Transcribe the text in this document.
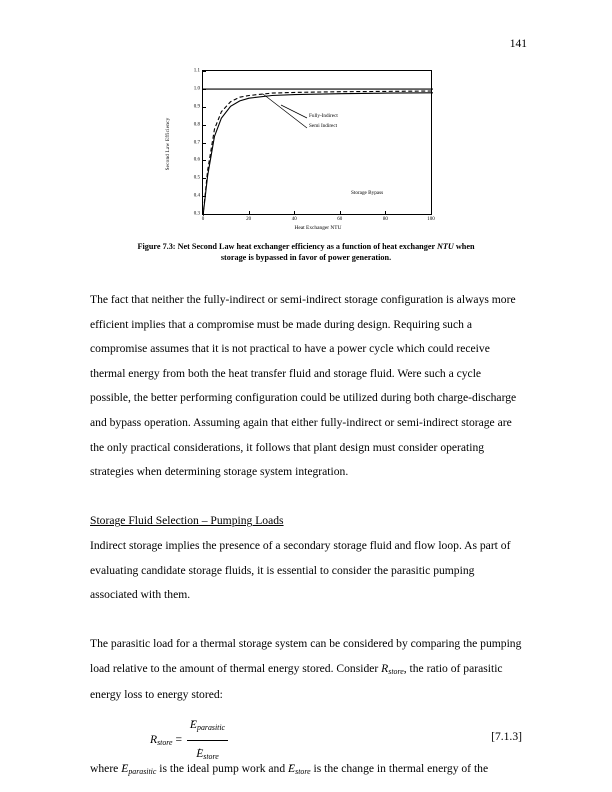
141
Second Law Efficiency
0.3
0.4
0.5
0.6
0.7
0.8
0.9
1.0
1.1
0	20	40	60	80	100
Fully-Indirect
Semi Indirect
Storage Bypass
Heat Exchanger NTU
Figure 7.3: Net Second Law heat exchanger efficiency as a function of heat exchanger NTU when
storage is bypassed in favor of power generation.

The fact that neither the fully-indirect or semi-indirect storage configuration is always more efficient implies that a compromise must be made during design. Requiring such a compromise assumes that it is not practical to have a power cycle which could receive thermal energy from both the heat transfer fluid and storage fluid. Were such a cycle possible, the better performing configuration could be utilized during both charge-discharge and bypass operation. Assuming again that either fully-indirect or semi-indirect storage are the only practical considerations, it follows that plant design must consider operating strategies when determining storage system integration.

Storage Fluid Selection – Pumping Loads

Indirect storage implies the presence of a secondary storage fluid and flow loop. As part of evaluating candidate storage fluids, it is essential to consider the parasitic pumping associated with them.

The parasitic load for a thermal storage system can be considered by comparing the pumping load relative to the amount of thermal energy stored. Consider $R_{store}$, the ratio of parasitic energy loss to energy stored:

$R_{store} = \frac{E •_{parasitic}}{E •_{store}}$	[7.1.3]

where E $•_{parasitic}$ is the ideal pump work and E $•_{store}$ is the change in thermal energy of the
